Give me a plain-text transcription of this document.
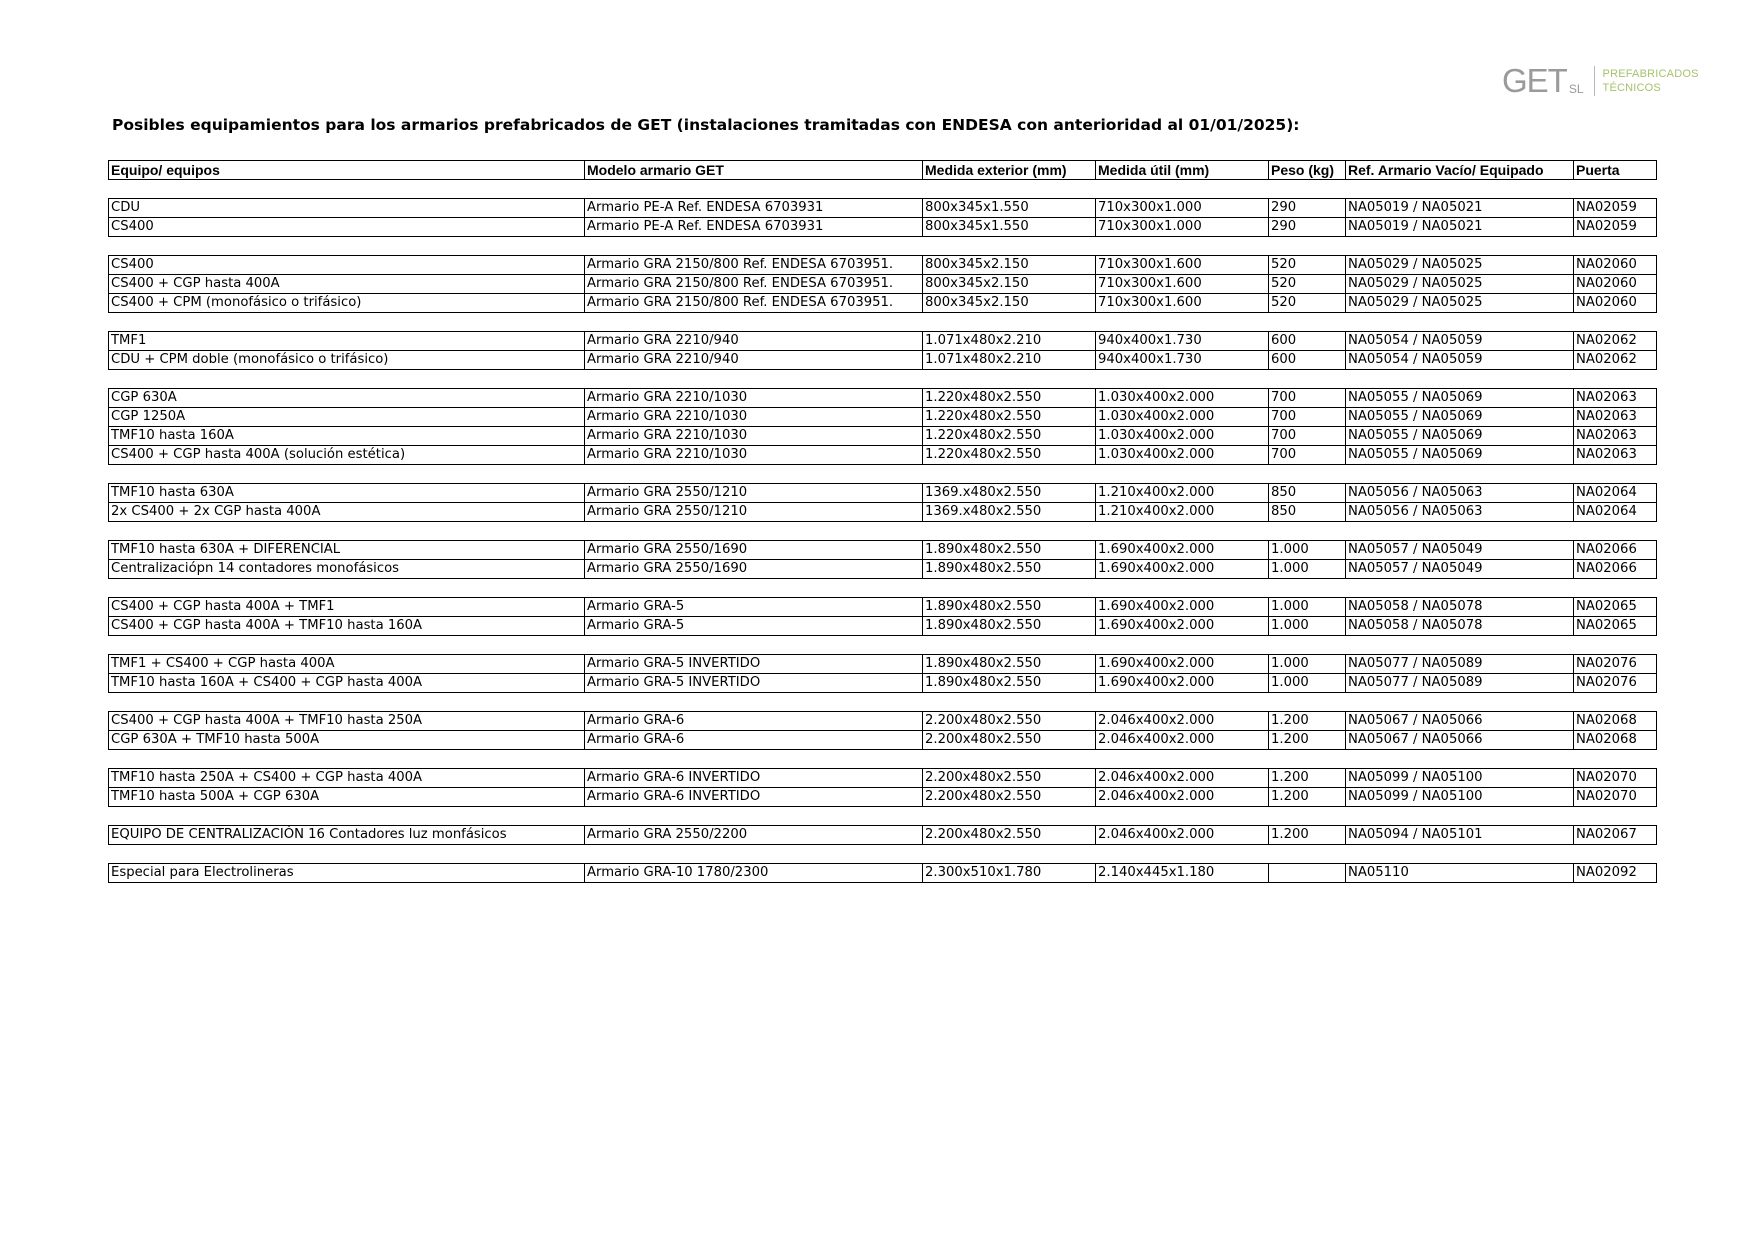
GET SL
PREFABRICADOS
TÉCNICOS
Posibles equipamientos para los armarios prefabricados de GET (instalaciones tramitadas con ENDESA con anterioridad al 01/01/2025):
Equipo/ equipos	Modelo armario GET	Medida exterior (mm)	Medida útil (mm)	Peso (kg)	Ref. Armario Vacío/ Equipado	Puerta

CDU	Armario PE-A Ref. ENDESA 6703931	800x345x1.550	710x300x1.000	290	NA05019 / NA05021	NA02059
CS400	Armario PE-A Ref. ENDESA 6703931	800x345x1.550	710x300x1.000	290	NA05019 / NA05021	NA02059

CS400	Armario GRA 2150/800 Ref. ENDESA 6703951.	800x345x2.150	710x300x1.600	520	NA05029 / NA05025	NA02060
CS400 + CGP hasta 400A	Armario GRA 2150/800 Ref. ENDESA 6703951.	800x345x2.150	710x300x1.600	520	NA05029 / NA05025	NA02060
CS400 + CPM (monofásico o trifásico)	Armario GRA 2150/800 Ref. ENDESA 6703951.	800x345x2.150	710x300x1.600	520	NA05029 / NA05025	NA02060

TMF1	Armario GRA 2210/940	1.071x480x2.210	940x400x1.730	600	NA05054 / NA05059	NA02062
CDU + CPM doble (monofásico o trifásico)	Armario GRA 2210/940	1.071x480x2.210	940x400x1.730	600	NA05054 / NA05059	NA02062

CGP 630A	Armario GRA 2210/1030	1.220x480x2.550	1.030x400x2.000	700	NA05055 / NA05069	NA02063
CGP 1250A	Armario GRA 2210/1030	1.220x480x2.550	1.030x400x2.000	700	NA05055 / NA05069	NA02063
TMF10 hasta 160A	Armario GRA 2210/1030	1.220x480x2.550	1.030x400x2.000	700	NA05055 / NA05069	NA02063
CS400 + CGP hasta 400A (solución estética)	Armario GRA 2210/1030	1.220x480x2.550	1.030x400x2.000	700	NA05055 / NA05069	NA02063

TMF10 hasta 630A	Armario GRA 2550/1210	1369.x480x2.550	1.210x400x2.000	850	NA05056 / NA05063	NA02064
2x CS400 + 2x CGP hasta 400A	Armario GRA 2550/1210	1369.x480x2.550	1.210x400x2.000	850	NA05056 / NA05063	NA02064

TMF10 hasta 630A + DIFERENCIAL	Armario GRA 2550/1690	1.890x480x2.550	1.690x400x2.000	1.000	NA05057 / NA05049	NA02066
Centralizaciópn 14 contadores monofásicos	Armario GRA 2550/1690	1.890x480x2.550	1.690x400x2.000	1.000	NA05057 / NA05049	NA02066

CS400 + CGP hasta 400A + TMF1	Armario GRA-5	1.890x480x2.550	1.690x400x2.000	1.000	NA05058 / NA05078	NA02065
CS400 + CGP hasta 400A + TMF10 hasta 160A	Armario GRA-5	1.890x480x2.550	1.690x400x2.000	1.000	NA05058 / NA05078	NA02065

TMF1 + CS400 + CGP hasta 400A	Armario GRA-5 INVERTIDO	1.890x480x2.550	1.690x400x2.000	1.000	NA05077 / NA05089	NA02076
TMF10 hasta 160A + CS400 + CGP hasta 400A	Armario GRA-5 INVERTIDO	1.890x480x2.550	1.690x400x2.000	1.000	NA05077 / NA05089	NA02076

CS400 + CGP hasta 400A + TMF10 hasta 250A	Armario GRA-6	2.200x480x2.550	2.046x400x2.000	1.200	NA05067 / NA05066	NA02068
CGP 630A + TMF10 hasta 500A	Armario GRA-6	2.200x480x2.550	2.046x400x2.000	1.200	NA05067 / NA05066	NA02068

TMF10 hasta 250A + CS400 + CGP hasta 400A	Armario GRA-6 INVERTIDO	2.200x480x2.550	2.046x400x2.000	1.200	NA05099 / NA05100	NA02070
TMF10 hasta 500A + CGP 630A	Armario GRA-6 INVERTIDO	2.200x480x2.550	2.046x400x2.000	1.200	NA05099 / NA05100	NA02070

EQUIPO DE CENTRALIZACIÓN 16 Contadores luz monfásicos	Armario GRA 2550/2200	2.200x480x2.550	2.046x400x2.000	1.200	NA05094 / NA05101	NA02067

Especial para Electrolineras	Armario GRA-10 1780/2300	2.300x510x1.780	2.140x445x1.180		NA05110	NA02092
